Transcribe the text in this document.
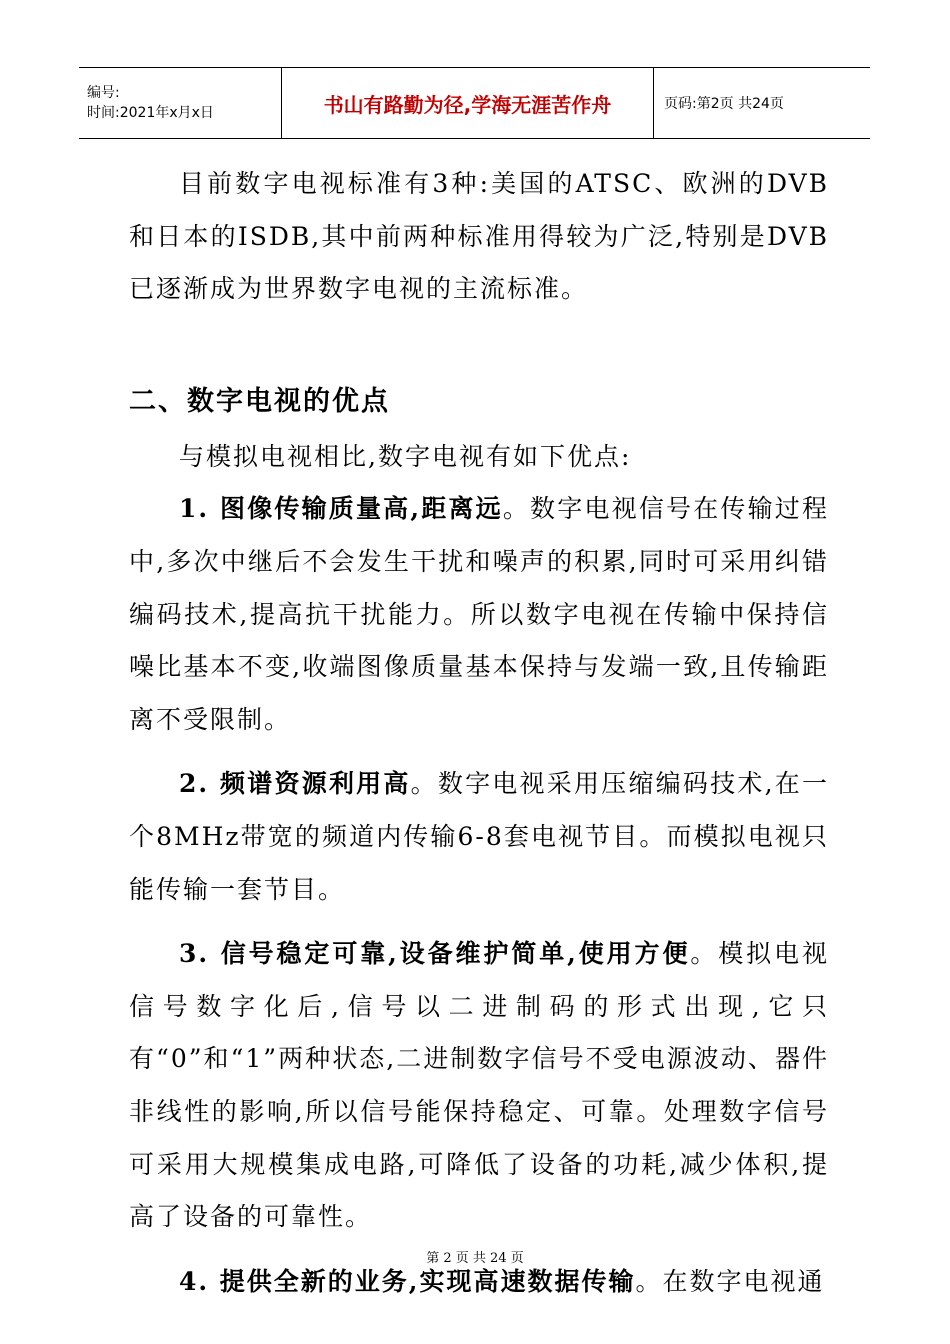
编号:
时间:2021年x月x日	书山有路勤为径,学海无涯苦作舟	页码:第2页 共24页

目前数字电视标准有3种:美国的ATSC、欧洲的DVB和日本的ISDB,其中前两种标准用得较为广泛,特别是DVB已逐渐成为世界数字电视的主流标准。

二、数字电视的优点

与模拟电视相比,数字电视有如下优点:

1. 图像传输质量高,距离远。数字电视信号在传输过程中,多次中继后不会发生干扰和噪声的积累,同时可采用纠错编码技术,提高抗干扰能力。所以数字电视在传输中保持信噪比基本不变,收端图像质量基本保持与发端一致,且传输距离不受限制。

2. 频谱资源利用高。数字电视采用压缩编码技术,在一个8MHz带宽的频道内传输6-8套电视节目。而模拟电视只能传输一套节目。

3. 信号稳定可靠,设备维护简单,使用方便。模拟电视信号数字化后,信号以二进制码的形式出现,它只有“0”和“1”两种状态,二进制数字信号不受电源波动、器件非线性的影响,所以信号能保持稳定、可靠。处理数字信号可采用大规模集成电路,可降低了设备的功耗,减少体积,提高了设备的可靠性。

4. 提供全新的业务,实现高速数据传输。在数字电视通

第 2 页 共 24 页
